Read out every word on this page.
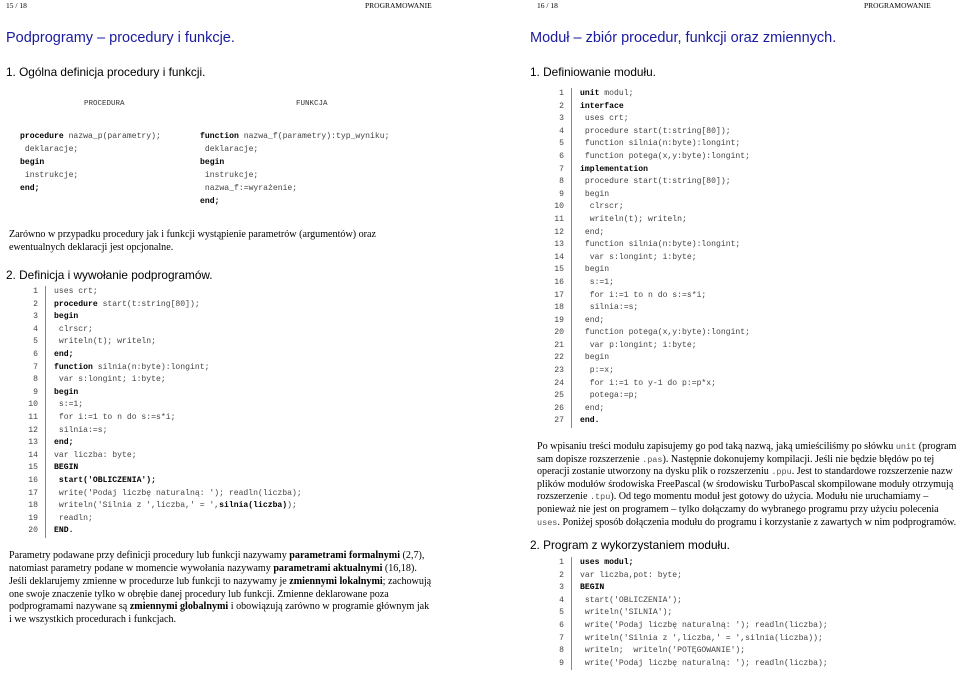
15 / 18	PROGRAMOWANIE	16 / 18	PROGRAMOWANIE
Podprogramy – procedury i funkcje.
1. Ogólna definicja procedury i funkcji.
PROCEDURA	FUNKCJA
procedure nazwa_p(parametry);
deklaracje;
begin
instrukcje;
end;
function nazwa_f(parametry):typ_wyniku;
deklaracje;
begin
instrukcje;
nazwa_f:=wyrażenie;
end;
Zarówno w przypadku procedury jak i funkcji wystąpienie parametrów (argumentów) oraz ewentualnych deklaracji jest opcjonalne.
2. Definicja i wywołanie podprogramów.
1	uses crt;
2	procedure start(t:string[80]);
3	begin
4	clrscr;
5	writeln(t); writeln;
6	end;
7	function silnia(n:byte):longint;
8	var s:longint; i:byte;
9	begin
10	s:=1;
11	for i:=1 to n do s:=s*i;
12	silnia:=s;
13	end;
14	var liczba: byte;
15	BEGIN
16	start('OBLICZENIA');
17	write('Podaj liczbę naturalną: '); readln(liczba);
18	writeln('Silnia z ',liczba,' = ',silnia(liczba));
19	readln;
20	END.
Parametry podawane przy definicji procedury lub funkcji nazywamy parametrami formalnymi (2,7), natomiast parametry podane w momencie wywołania nazywamy parametrami aktualnymi (16,18).
Jeśli deklarujemy zmienne w procedurze lub funkcji to nazywamy je zmiennymi lokalnymi; zachowują one swoje znaczenie tylko w obrębie danej procedury lub funkcji. Zmienne deklarowane poza podprogramami nazywane są zmiennymi globalnymi i obowiązują zarówno w programie głównym jak i we wszystkich procedurach i funkcjach.
Moduł – zbiór procedur, funkcji oraz zmiennych.
1. Definiowanie modułu.
1	unit modul;
2	interface
3	uses crt;
4	procedure start(t:string[80]);
5	function silnia(n:byte):longint;
6	function potega(x,y:byte):longint;
7	implementation
8	procedure start(t:string[80]);
9	begin
10	clrscr;
11	writeln(t); writeln;
12	end;
13	function silnia(n:byte):longint;
14	var s:longint; i:byte;
15	begin
16	s:=1;
17	for i:=1 to n do s:=s*i;
18	silnia:=s;
19	end;
20	function potega(x,y:byte):longint;
21	var p:longint; i:byte;
22	begin
23	p:=x;
24	for i:=1 to y-1 do p:=p*x;
25	potega:=p;
26	end;
27	end.
Po wpisaniu treści modułu zapisujemy go pod taką nazwą, jaką umieściliśmy po słówku unit (program sam dopisze rozszerzenie .pas). Następnie dokonujemy kompilacji. Jeśli nie będzie błędów po tej operacji zostanie utworzony na dysku plik o rozszerzeniu .ppu. Jest to standardowe rozszerzenie nazw plików modułów środowiska FreePascal (w środowisku TurboPascal skompilowane moduły otrzymują rozszerzenie .tpu). Od tego momentu moduł jest gotowy do użycia. Modułu nie uruchamiamy – ponieważ nie jest on programem – tylko dołączamy do wybranego programu przy użyciu polecenia uses. Poniżej sposób dołączenia modułu do programu i korzystanie z zawartych w nim podprogramów.
2. Program z wykorzystaniem modułu.
1	uses modul;
2	var liczba,pot: byte;
3	BEGIN
4	start('OBLICZENIA');
5	writeln('SILNIA');
6	write('Podaj liczbę naturalną: '); readln(liczba);
7	writeln('Silnia z ',liczba,' = ',silnia(liczba));
8	writeln;  writeln('POTĘGOWANIE');
9	write('Podaj liczbę naturalną: '); readln(liczba);
